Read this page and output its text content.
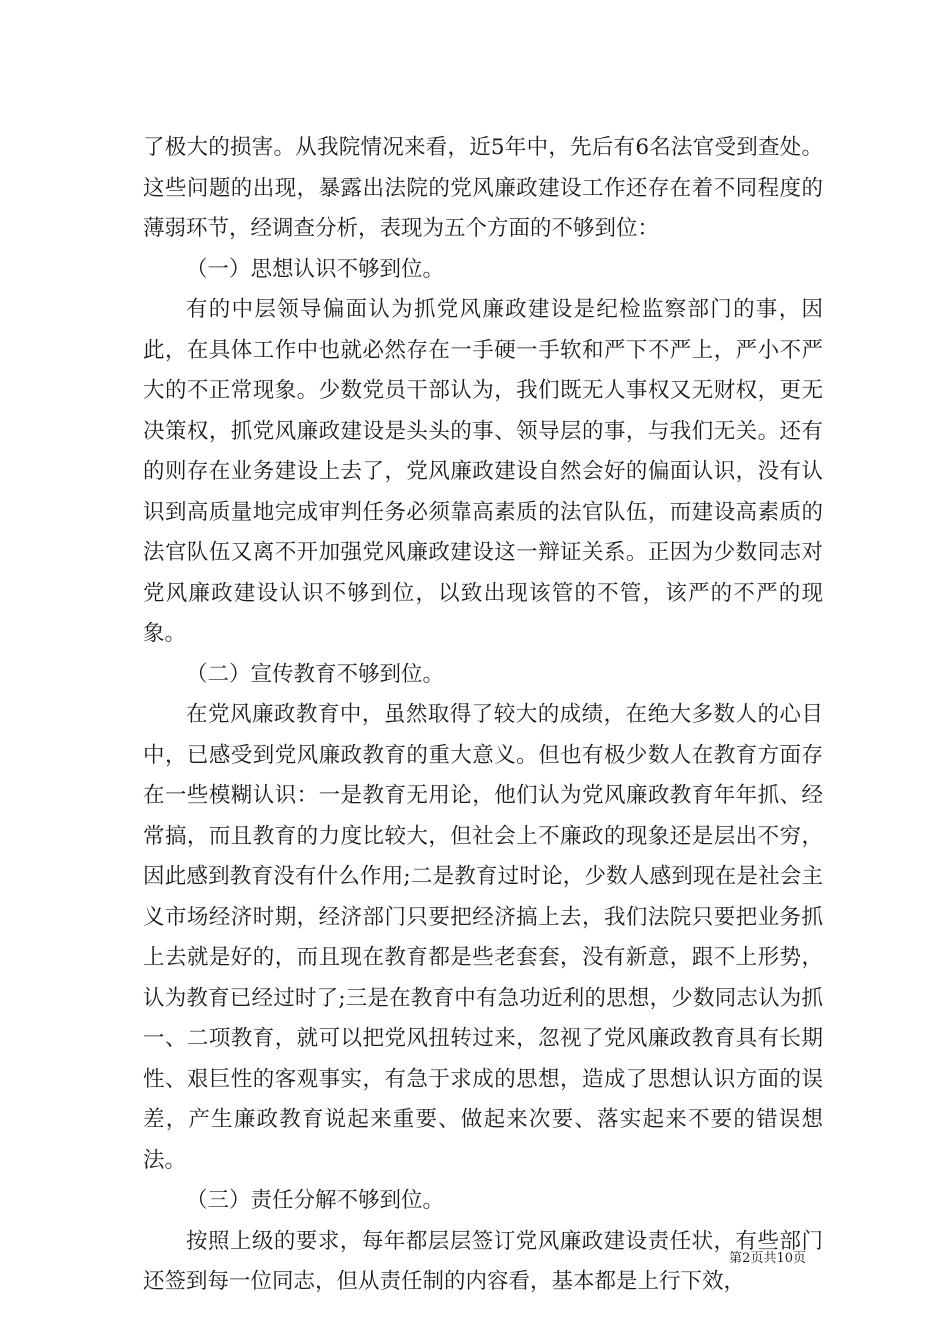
了极大的损害。从我院情况来看，近5年中，先后有6名法官受到查处。这些问题的出现，暴露出法院的党风廉政建设工作还存在着不同程度的薄弱环节，经调查分析，表现为五个方面的不够到位：

（一）思想认识不够到位。

有的中层领导偏面认为抓党风廉政建设是纪检监察部门的事，因此，在具体工作中也就必然存在一手硬一手软和严下不严上，严小不严大的不正常现象。少数党员干部认为，我们既无人事权又无财权，更无决策权，抓党风廉政建设是头头的事、领导层的事，与我们无关。还有的则存在业务建设上去了，党风廉政建设自然会好的偏面认识，没有认识到高质量地完成审判任务必须靠高素质的法官队伍，而建设高素质的法官队伍又离不开加强党风廉政建设这一辩证关系。正因为少数同志对党风廉政建设认识不够到位，以致出现该管的不管，该严的不严的现象。

（二）宣传教育不够到位。

在党风廉政教育中，虽然取得了较大的成绩，在绝大多数人的心目中，已感受到党风廉政教育的重大意义。但也有极少数人在教育方面存在一些模糊认识：一是教育无用论，他们认为党风廉政教育年年抓、经常搞，而且教育的力度比较大，但社会上不廉政的现象还是层出不穷，因此感到教育没有什么作用;二是教育过时论，少数人感到现在是社会主义市场经济时期，经济部门只要把经济搞上去，我们法院只要把业务抓上去就是好的，而且现在教育都是些老套套，没有新意，跟不上形势，认为教育已经过时了;三是在教育中有急功近利的思想，少数同志认为抓一、二项教育，就可以把党风扭转过来，忽视了党风廉政教育具有长期性、艰巨性的客观事实，有急于求成的思想，造成了思想认识方面的误差，产生廉政教育说起来重要、做起来次要、落实起来不要的错误想法。

（三）责任分解不够到位。

按照上级的要求，每年都层层签订党风廉政建设责任状，有些部门还签到每一位同志，但从责任制的内容看，基本都是上行下效，

第2页共10页
